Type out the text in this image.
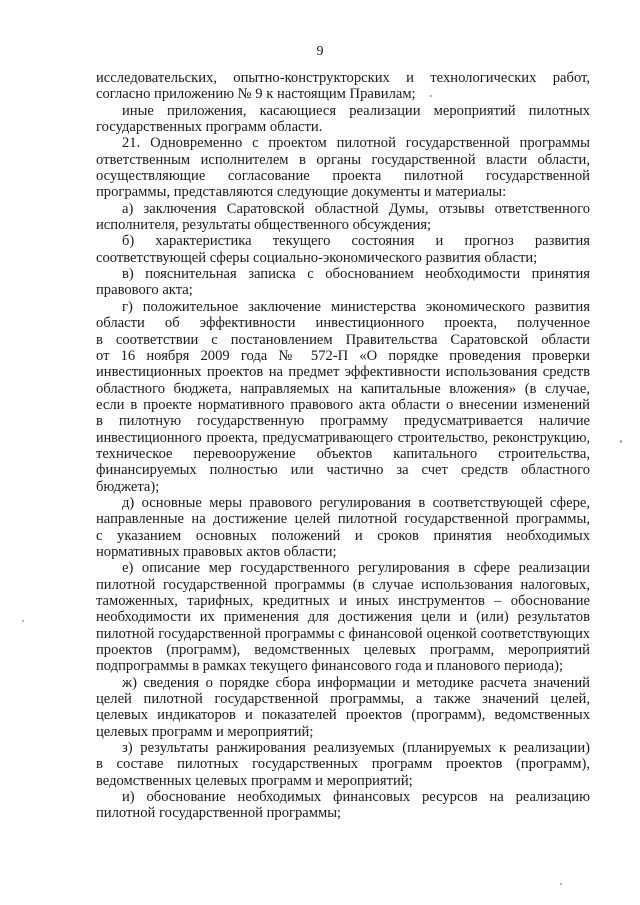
9

исследовательских, опытно-конструкторских и технологических работ,
согласно приложению № 9 к настоящим Правилам;

иные приложения, касающиеся реализации мероприятий пилотных
государственных программ области.

21. Одновременно с проектом пилотной государственной программы
ответственным исполнителем в органы государственной власти области,
осуществляющие согласование проекта пилотной государственной
программы, представляются следующие документы и материалы:

а) заключения Саратовской областной Думы, отзывы ответственного
исполнителя, результаты общественного обсуждения;

б) характеристика текущего состояния и прогноз развития
соответствующей сферы социально-экономического развития области;

в) пояснительная записка с обоснованием необходимости принятия
правового акта;

г) положительное заключение министерства экономического развития
области об эффективности инвестиционного проекта, полученное
в соответствии с постановлением Правительства Саратовской области
от 16 ноября 2009 года № 572-П «О порядке проведения проверки
инвестиционных проектов на предмет эффективности использования средств
областного бюджета, направляемых на капитальные вложения» (в случае,
если в проекте нормативного правового акта области о внесении изменений
в пилотную государственную программу предусматривается наличие
инвестиционного проекта, предусматривающего строительство, реконструкцию,
техническое перевооружение объектов капитального строительства,
финансируемых полностью или частично за счет средств областного
бюджета);

д) основные меры правового регулирования в соответствующей сфере,
направленные на достижение целей пилотной государственной программы,
с указанием основных положений и сроков принятия необходимых
нормативных правовых актов области;

е) описание мер государственного регулирования в сфере реализации
пилотной государственной программы (в случае использования налоговых,
таможенных, тарифных, кредитных и иных инструментов – обоснование
необходимости их применения для достижения цели и (или) результатов
пилотной государственной программы с финансовой оценкой соответствующих
проектов (программ), ведомственных целевых программ, мероприятий
подпрограммы в рамках текущего финансового года и планового периода);

ж) сведения о порядке сбора информации и методике расчета значений
целей пилотной государственной программы, а также значений целей,
целевых индикаторов и показателей проектов (программ), ведомственных
целевых программ и мероприятий;

з) результаты ранжирования реализуемых (планируемых к реализации)
в составе пилотных государственных программ проектов (программ),
ведомственных целевых программ и мероприятий;

и) обоснование необходимых финансовых ресурсов на реализацию
пилотной государственной программы;
